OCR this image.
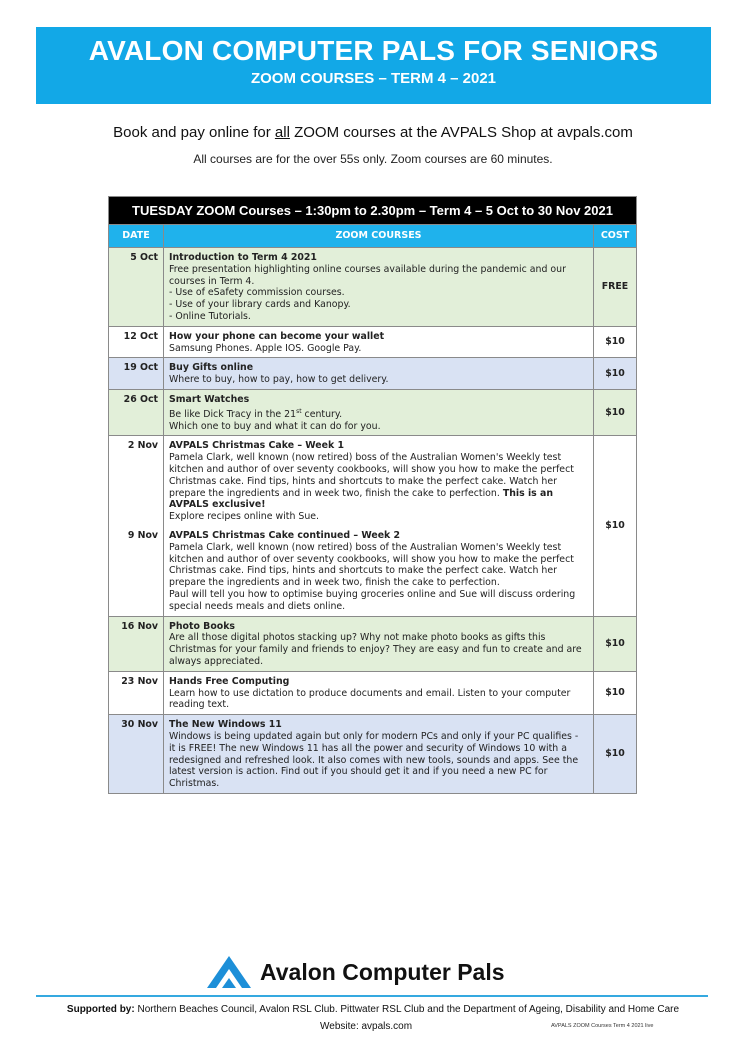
AVALON COMPUTER PALS FOR SENIORS
ZOOM COURSES – TERM 4 – 2021
Book and pay online for all ZOOM courses at the AVPALS Shop at avpals.com
All courses are for the over 55s only. Zoom courses are 60 minutes.
TUESDAY ZOOM Courses – 1:30pm to 2.30pm – Term 4 – 5 Oct to 30 Nov 2021		
DATE	ZOOM COURSES	COST
5 Oct	Introduction to Term 4 2021
Free presentation highlighting online courses available during the pandemic and our courses in Term 4.
- Use of eSafety commission courses.
- Use of your library cards and Kanopy.
- Online Tutorials.	FREE
12 Oct	How your phone can become your wallet
Samsung Phones. Apple IOS. Google Pay.	$10
19 Oct	Buy Gifts online
Where to buy, how to pay, how to get delivery.	$10
26 Oct	Smart Watches
Be like Dick Tracy in the 21st century.
Which one to buy and what it can do for you.	$10
2 Nov	AVPALS Christmas Cake – Week 1
Pamela Clark, well known (now retired) boss of the Australian Women's Weekly test kitchen and author of over seventy cookbooks, will show you how to make the perfect Christmas cake. Find tips, hints and shortcuts to make the perfect cake. Watch her prepare the ingredients and in week two, finish the cake to perfection. This is an AVPALS exclusive!
Explore recipes online with Sue.	$10
9 Nov	AVPALS Christmas Cake continued – Week 2
Pamela Clark, well known (now retired) boss of the Australian Women's Weekly test kitchen and author of over seventy cookbooks, will show you how to make the perfect Christmas cake. Find tips, hints and shortcuts to make the perfect cake. Watch her prepare the ingredients and in week two, finish the cake to perfection.
Paul will tell you how to optimise buying groceries online and Sue will discuss ordering special needs meals and diets online.	

16 Nov	Photo Books
Are all those digital photos stacking up? Why not make photo books as gifts this Christmas for your family and friends to enjoy? They are easy and fun to create and are always appreciated.	$10
23 Nov	Hands Free Computing
Learn how to use dictation to produce documents and email. Listen to your computer reading text.	$10
30 Nov	The New Windows 11
Windows is being updated again but only for modern PCs and only if your PC qualifies - it is FREE! The new Windows 11 has all the power and security of Windows 10 with a redesigned and refreshed look. It also comes with new tools, sounds and apps. See the latest version is action. Find out if you should get it and if you need a new PC for Christmas.	$10
Avalon Computer Pals
Supported by: Northern Beaches Council, Avalon RSL Club. Pittwater RSL Club and the Department of Ageing, Disability and Home Care
Website: avpals.com	AVPALS ZOOM Courses Term 4 2021 live
